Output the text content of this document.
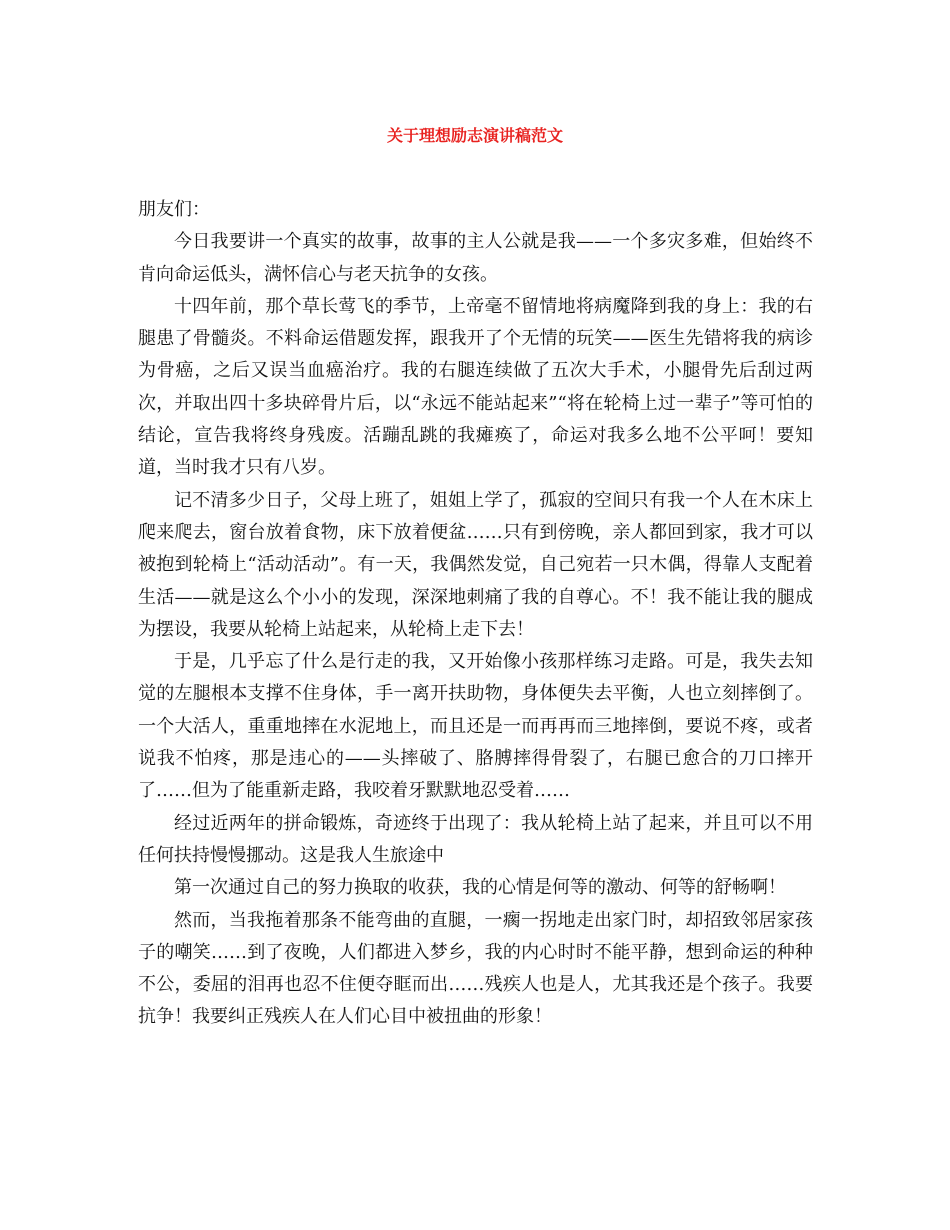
关于理想励志演讲稿范文

朋友们：

今日我要讲一个真实的故事，故事的主人公就是我——一个多灾多难，但始终不肯向命运低头，满怀信心与老天抗争的女孩。

十四年前，那个草长莺飞的季节，上帝毫不留情地将病魔降到我的身上：我的右腿患了骨髓炎。不料命运借题发挥，跟我开了个无情的玩笑——医生先错将我的病诊为骨癌，之后又误当血癌治疗。我的右腿连续做了五次大手术，小腿骨先后刮过两次，并取出四十多块碎骨片后，以“永远不能站起来”“将在轮椅上过一辈子”等可怕的结论，宣告我将终身残废。活蹦乱跳的我瘫痪了，命运对我多么地不公平呵！要知道，当时我才只有八岁。

记不清多少日子，父母上班了，姐姐上学了，孤寂的空间只有我一个人在木床上爬来爬去，窗台放着食物，床下放着便盆……只有到傍晚，亲人都回到家，我才可以被抱到轮椅上“活动活动”。有一天，我偶然发觉，自己宛若一只木偶，得靠人支配着生活——就是这么个小小的发现，深深地刺痛了我的自尊心。不！我不能让我的腿成为摆设，我要从轮椅上站起来，从轮椅上走下去！

于是，几乎忘了什么是行走的我，又开始像小孩那样练习走路。可是，我失去知觉的左腿根本支撑不住身体，手一离开扶助物，身体便失去平衡，人也立刻摔倒了。一个大活人，重重地摔在水泥地上，而且还是一而再再而三地摔倒，要说不疼，或者说我不怕疼，那是违心的——头摔破了、胳膊摔得骨裂了，右腿已愈合的刀口摔开了……但为了能重新走路，我咬着牙默默地忍受着……

经过近两年的拼命锻炼，奇迹终于出现了：我从轮椅上站了起来，并且可以不用任何扶持慢慢挪动。这是我人生旅途中

第一次通过自己的努力换取的收获，我的心情是何等的激动、何等的舒畅啊！

然而，当我拖着那条不能弯曲的直腿，一瘸一拐地走出家门时，却招致邻居家孩子的嘲笑……到了夜晚，人们都进入梦乡，我的内心时时不能平静，想到命运的种种不公，委屈的泪再也忍不住便夺眶而出……残疾人也是人，尤其我还是个孩子。我要抗争！我要纠正残疾人在人们心目中被扭曲的形象！
